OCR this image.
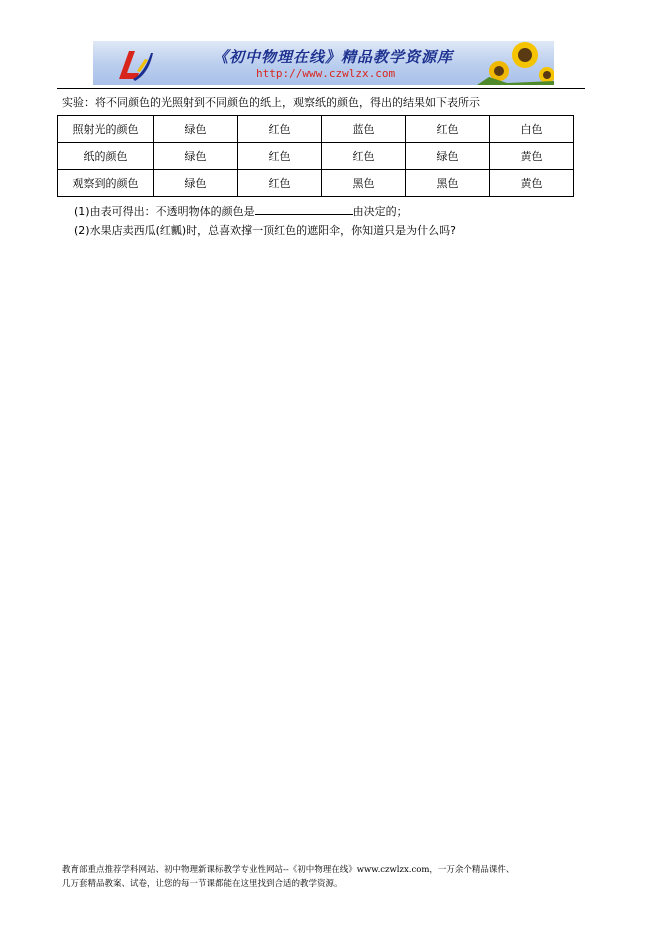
《初中物理在线》精品教学资源库
http://www.czwlzx.com
实验：将不同颜色的光照射到不同颜色的纸上，观察纸的颜色，得出的结果如下表所示
照射光的颜色	绿色	红色	蓝色	红色	白色
纸的颜色	绿色	红色	红色	绿色	黄色
观察到的颜色	绿色	红色	黑色	黑色	黄色
(1)由表可得出：不透明物体的颜色是	由决定的；
(2)水果店卖西瓜(红瓤)时，总喜欢撑一顶红色的遮阳伞，你知道只是为什么吗?
教育部重点推荐学科网站、初中物理新课标教学专业性网站--《初中物理在线》www.czwlzx.com，一万余个精品课件、
几万套精品教案、试卷，让您的每一节课都能在这里找到合适的教学资源。
